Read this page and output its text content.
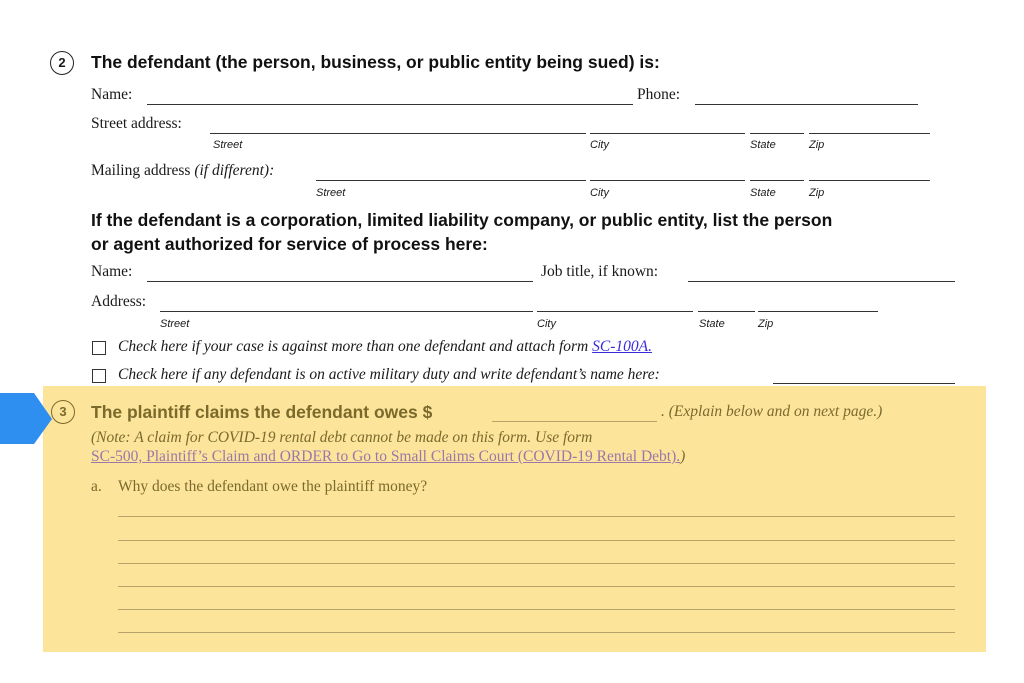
2	The defendant (the person, business, or public entity being sued) is:
Name:	Phone:
Street address:
Street	City	State	Zip
Mailing address (if different):
Street	City	State	Zip
If the defendant is a corporation, limited liability company, or public entity, list the person
or agent authorized for service of process here:
Name:	Job title, if known:
Address:
Street	City	State	Zip
Check here if your case is against more than one defendant and attach form SC-100A.
Check here if any defendant is on active military duty and write defendant’s name here:
3	The plaintiff claims the defendant owes $	. (Explain below and on next page.)
(Note: A claim for COVID-19 rental debt cannot be made on this form. Use form
SC-500, Plaintiff’s Claim and ORDER to Go to Small Claims Court (COVID-19 Rental Debt).)
a. Why does the defendant owe the plaintiff money?
